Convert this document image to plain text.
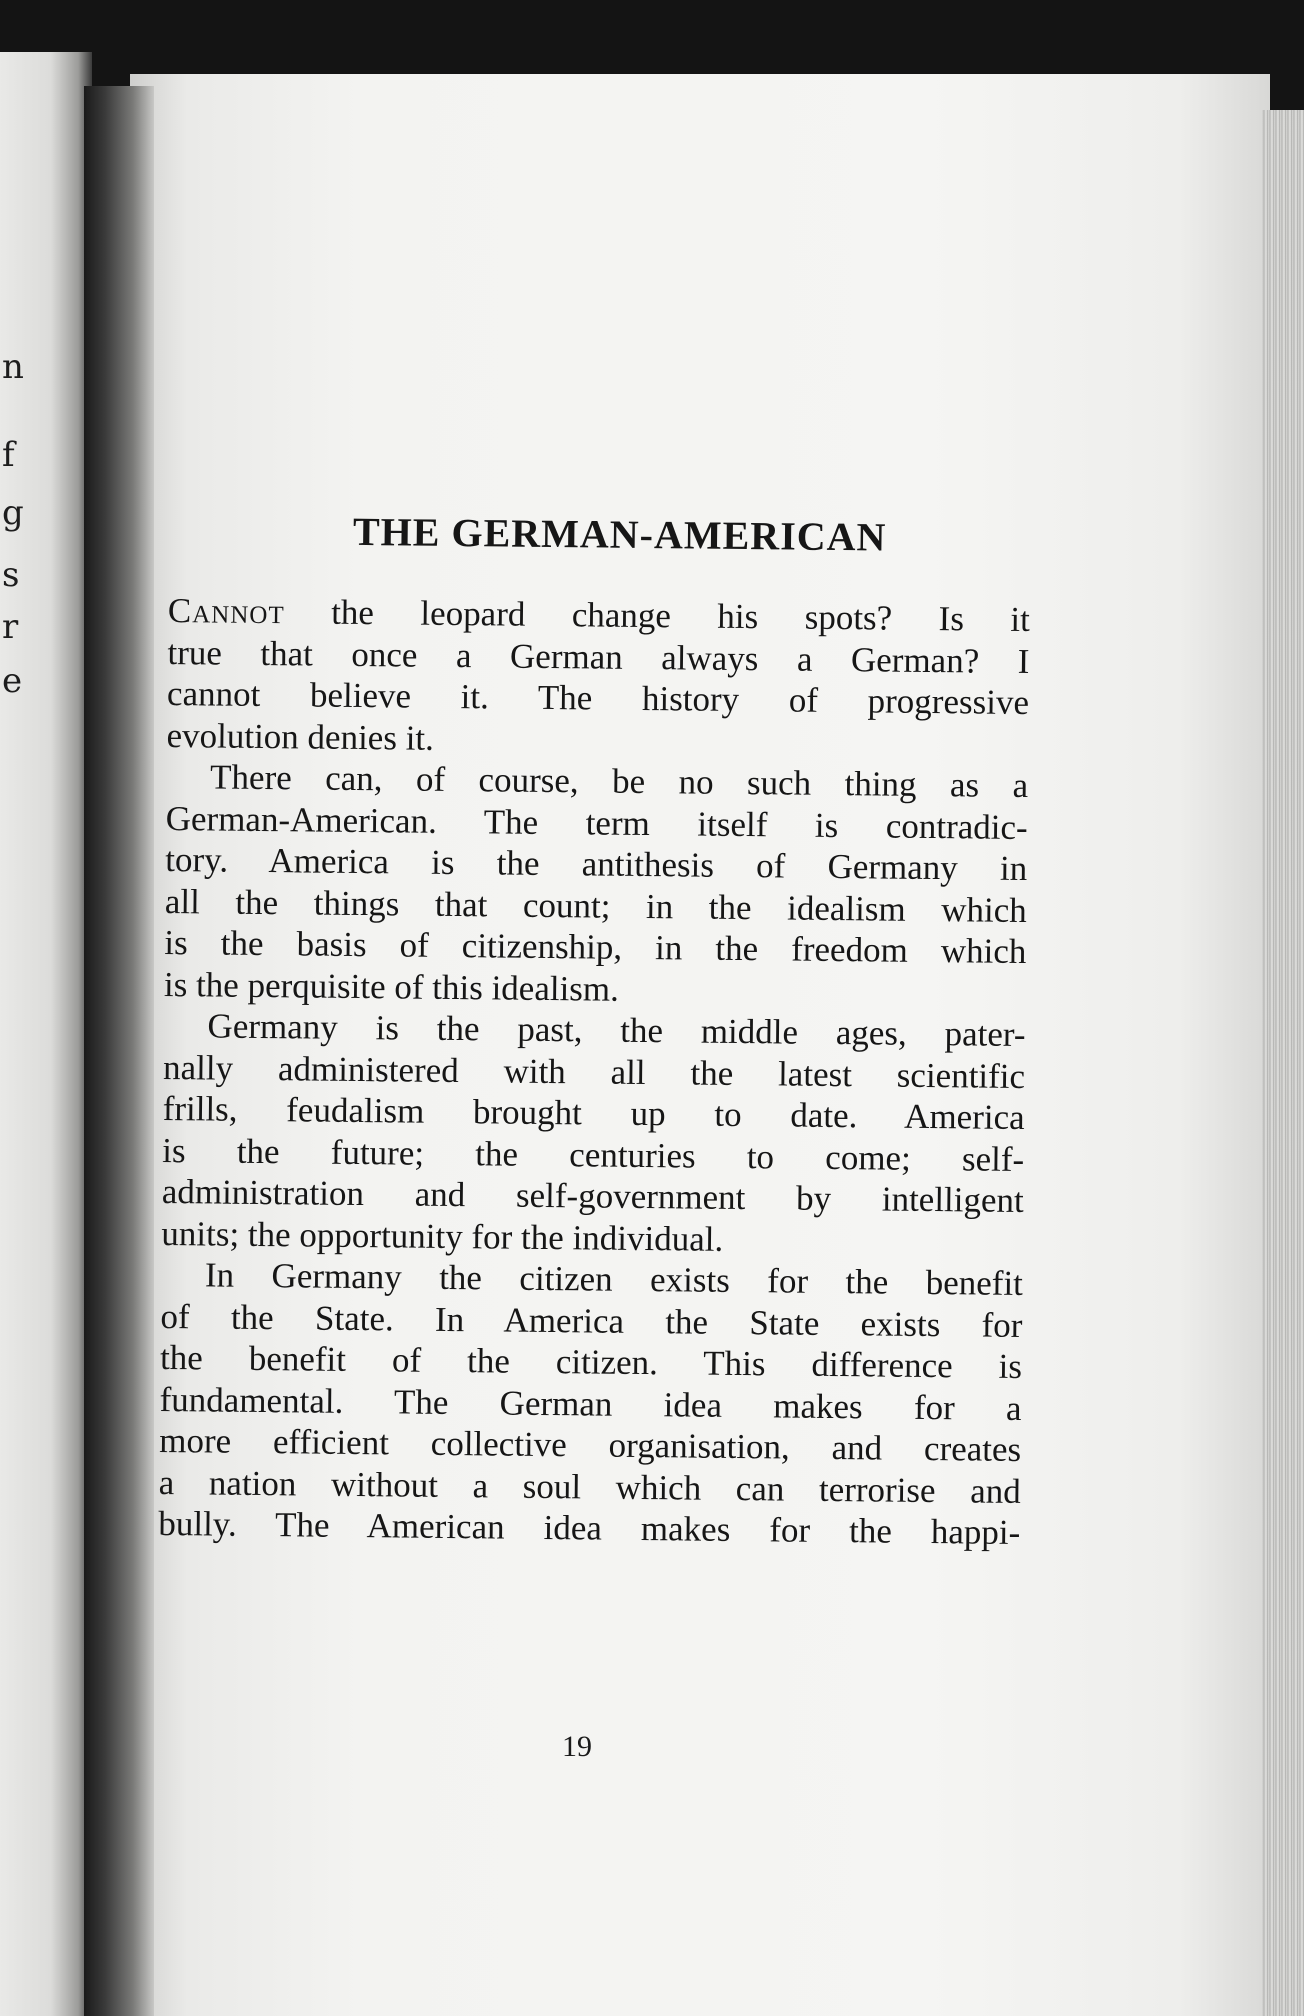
n
f
g
s
r
e
THE GERMAN-AMERICAN

Cannot the leopard change his spots? Is it
true that once a German always a German? I
cannot believe it. The history of progressive
evolution denies it.

There can, of course, be no such thing as a
German-American. The term itself is contradic-
tory. America is the antithesis of Germany in
all the things that count; in the idealism which
is the basis of citizenship, in the freedom which
is the perquisite of this idealism.

Germany is the past, the middle ages, pater-
nally administered with all the latest scientific
frills, feudalism brought up to date. America
is the future; the centuries to come; self-
administration and self-government by intelligent
units; the opportunity for the individual.

In Germany the citizen exists for the benefit
of the State. In America the State exists for
the benefit of the citizen. This difference is
fundamental. The German idea makes for a
more efficient collective organisation, and creates
a nation without a soul which can terrorise and
bully. The American idea makes for the happi-

19
